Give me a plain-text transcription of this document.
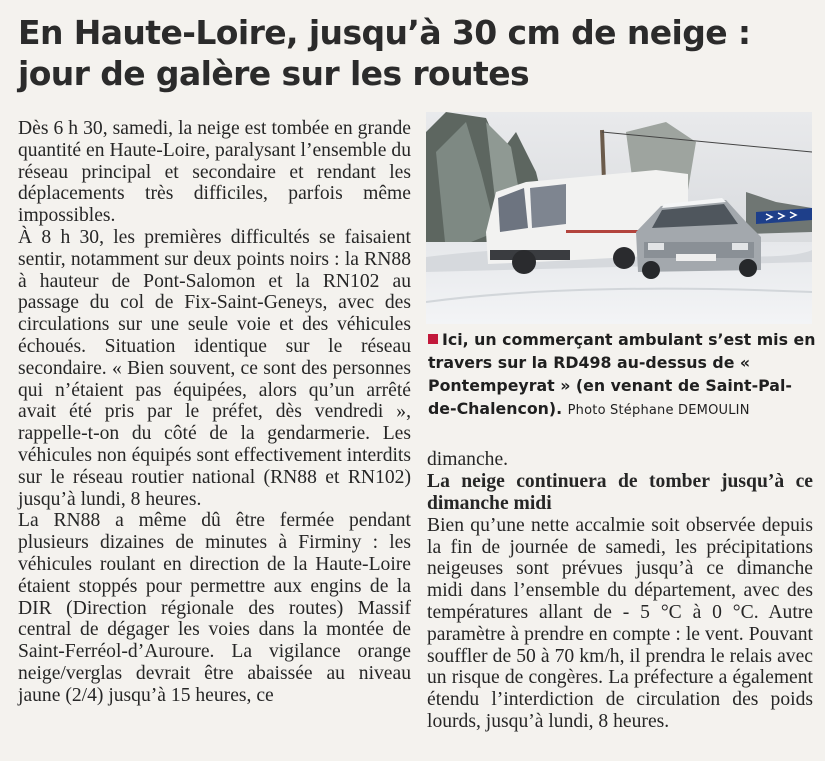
En Haute-Loire, jusqu’à 30 cm de neige :
jour de galère sur les routes

Dès 6 h 30, samedi, la neige est tombée en grande quantité en Haute-Loire, paralysant l’ensemble du réseau principal et secondaire et rendant les déplacements très difficiles, parfois même impossibles.

À 8 h 30, les premières difficultés se faisaient sentir, notamment sur deux points noirs : la RN88 à hauteur de Pont-Salomon et la RN102 au passage du col de Fix-Saint-Geneys, avec des circulations sur une seule voie et des véhicules échoués. Situation identique sur le réseau secondaire. « Bien souvent, ce sont des personnes qui n’étaient pas équipées, alors qu’un arrêté avait été pris par le préfet, dès vendredi », rappelle-t-on du côté de la gendarmerie. Les véhicules non équipés sont effectivement interdits sur le réseau routier national (RN88 et RN102) jusqu’à lundi, 8 heures.

La RN88 a même dû être fermée pendant plusieurs dizaines de minutes à Firminy : les véhicules roulant en direction de la Haute-Loire étaient stoppés pour permettre aux engins de la DIR (Direction régionale des routes) Massif central de dégager les voies dans la montée de Saint-Ferréol-d’Auroure. La vigilance orange neige/verglas devrait être abaissée au niveau jaune (2/4) jusqu’à 15 heures, ce

Ici, un commerçant ambulant s’est mis en travers sur la RD498 au-dessus de « Pontempeyrat » (en venant de Saint-Pal-de-Chalencon). Photo Stéphane DEMOULIN

dimanche.

La neige continuera de tomber jusqu’à ce dimanche midi

Bien qu’une nette accalmie soit observée depuis la fin de journée de samedi, les précipitations neigeuses sont prévues jusqu’à ce dimanche midi dans l’ensemble du département, avec des températures allant de - 5 °C à 0 °C. Autre paramètre à prendre en compte : le vent. Pouvant souffler de 50 à 70 km/h, il prendra le relais avec un risque de congères. La préfecture a également étendu l’interdiction de circulation des poids lourds, jusqu’à lundi, 8 heures.
